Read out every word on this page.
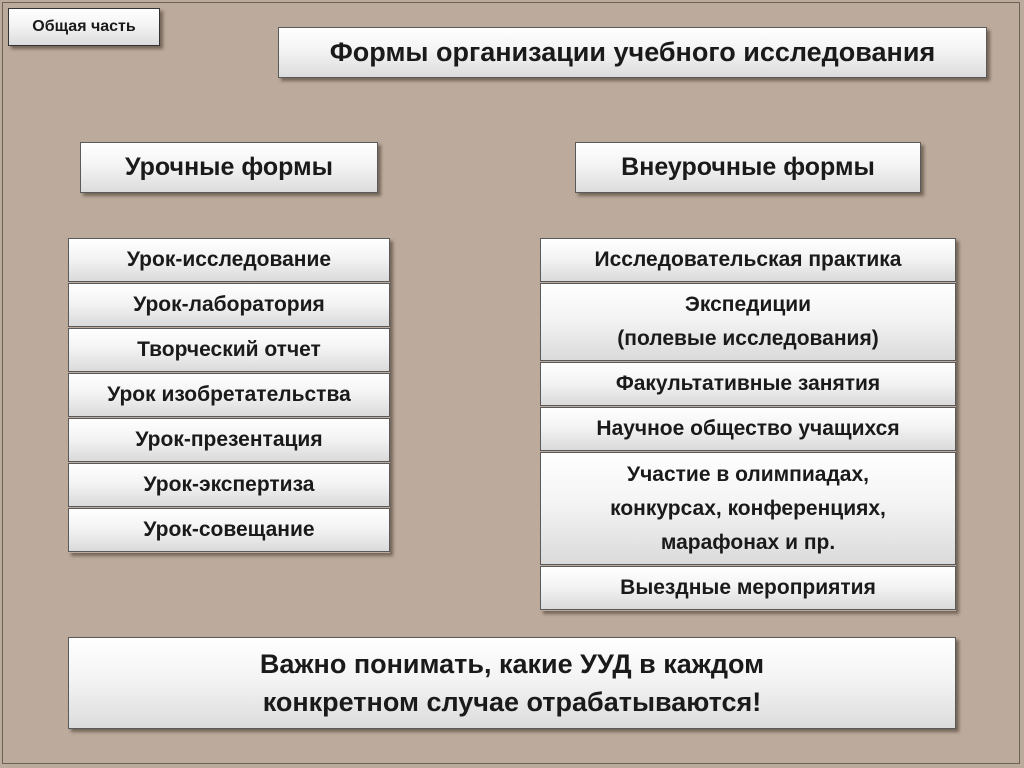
Общая часть
Формы организации учебного исследования
Урочные формы	Внеурочные формы
Урок-исследование
Урок-лаборатория
Творческий отчет
Урок изобретательства
Урок-презентация
Урок-экспертиза
Урок-совещание
Исследовательская практика
Экспедиции
(полевые исследования)
Факультативные занятия
Научное общество учащихся
Участие в олимпиадах,
конкурсах, конференциях,
марафонах и пр.
Выездные мероприятия
Важно понимать, какие УУД в каждом
конкретном случае отрабатываются!
